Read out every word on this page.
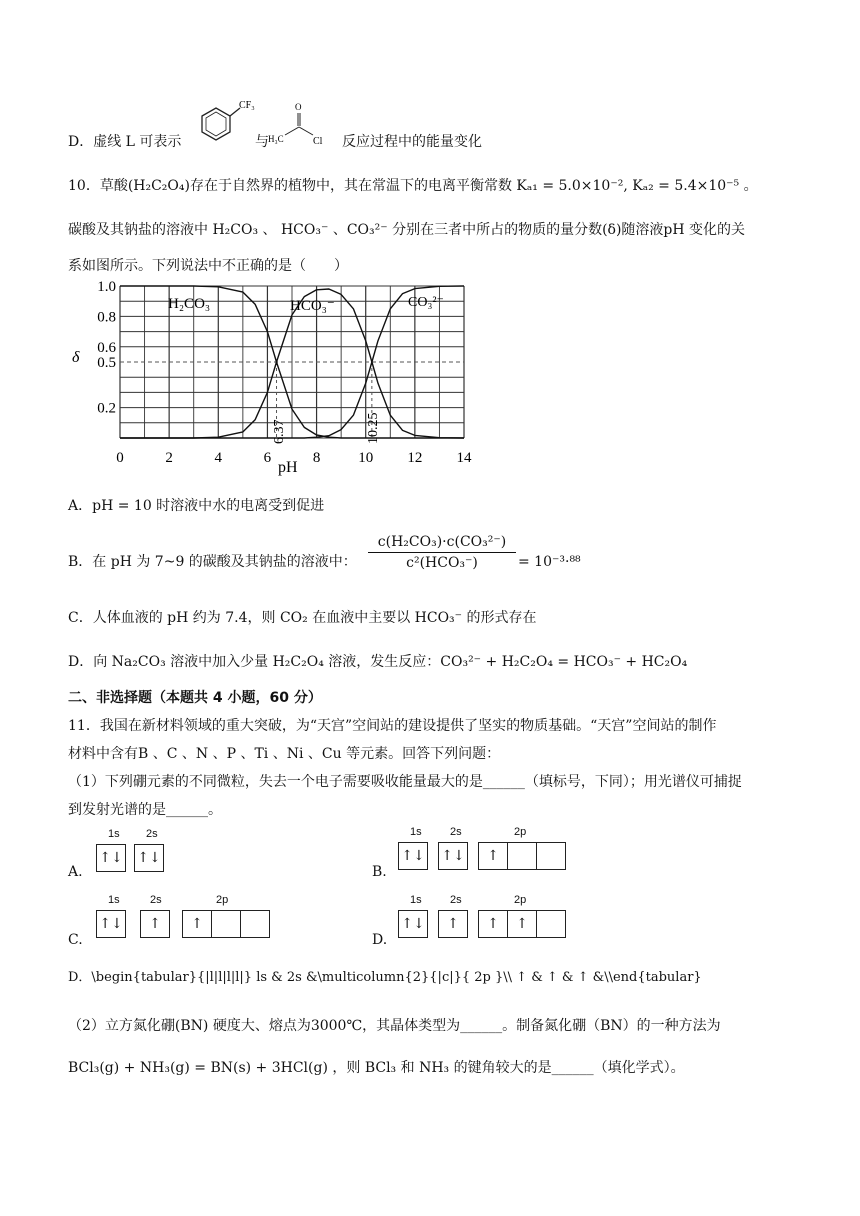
D．虚线 L 可表示
CF₃
与
O
H₃C	Cl 反应过程中的能量变化
10．草酸(H₂C₂O₄)存在于自然界的植物中，其在常温下的电离平衡常数 Kₐ₁ = 5.0×10⁻², Kₐ₂ = 5.4×10⁻⁵ 。
碳酸及其钠盐的溶液中 H₂CO₃ 、 HCO₃⁻ 、CO₃²⁻ 分别在三者中所占的物质的量分数(δ)随溶液pH 变化的关
系如图所示。下列说法中不正确的是（　　）
0	2	4	6	8	10 12 14
0.2
0.5
0.6
0.8
1.0
δ
pH
H₂CO₃	HCO₃⁻	CO₃²⁻
6.37	10.25
A．pH = 10 时溶液中水的电离受到促进
B．在 pH 为 7~9 的碳酸及其钠盐的溶液中：
c(H₂CO₃)·c(CO₃²⁻)
c²(HCO₃⁻)	= 10⁻³·⁸⁸
C．人体血液的 pH 约为 7.4，则 CO₂ 在血液中主要以 HCO₃⁻ 的形式存在
D．向 Na₂CO₃ 溶液中加入少量 H₂C₂O₄ 溶液，发生反应：CO₃²⁻ + H₂C₂O₄ = HCO₃⁻ + HC₂O₄
二、非选择题（本题共 4 小题，60 分）
11．我国在新材料领域的重大突破，为“天宫”空间站的建设提供了坚实的物质基础。“天宫”空间站的制作
材料中含有B 、C 、N 、P 、Ti 、Ni 、Cu 等元素。回答下列问题：
（1）下列硼元素的不同微粒，失去一个电子需要吸收能量最大的是______（填标号，下同）；用光谱仪可捕捉
到发射光谱的是______。
A.
1s 2s
↑↓ ↑↓
B.
1s	2s	2p
↑↓ ↑↓	↑
C.
1s	2s	2p
↑↓	↑	↑
D.
1s	2s	2p
↑↓	↑	↑	↑
D．\begin{tabular}{|l|l|l|l|} ls & 2s &\multicolumn{2}{|c|}{ 2p }\\ ↑ & ↑ & ↑ &\\end{tabular}
（2）立方氮化硼(BN) 硬度大、熔点为3000℃，其晶体类型为______。制备氮化硼（BN）的一种方法为
BCl₃(g) + NH₃(g) = BN(s) + 3HCl(g) ，则 BCl₃ 和 NH₃ 的键角较大的是______（填化学式）。
